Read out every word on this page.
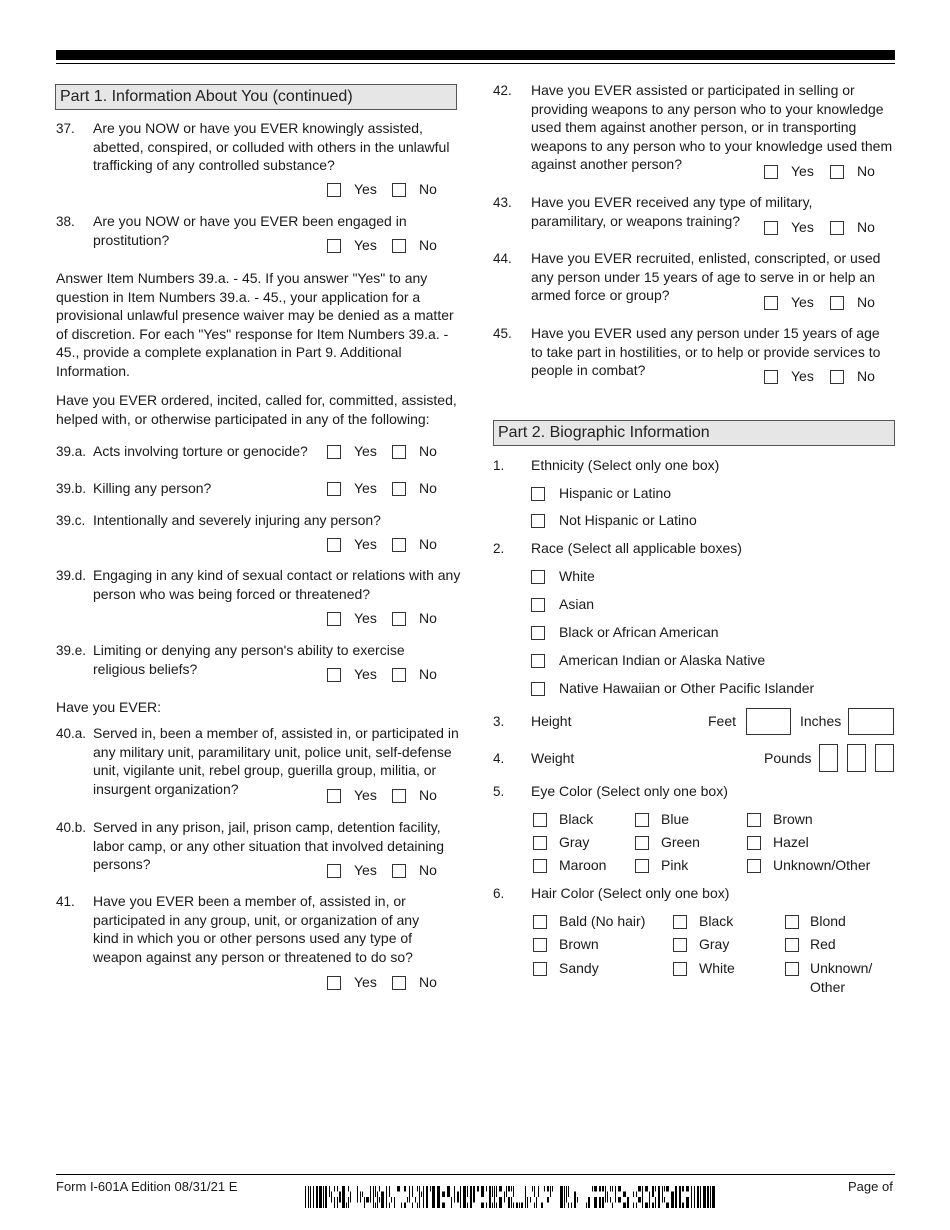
Part 1. Information About You (continued)
37. Are you NOW or have you EVER knowingly assisted, abetted, conspired, or colluded with others in the unlawful trafficking of any controlled substance?
Yes	No
38. Are you NOW or have you EVER been engaged in prostitution?	Yes	No
Answer Item Numbers 39.a. - 45. If you answer "Yes" to any question in Item Numbers 39.a. - 45., your application for a provisional unlawful presence waiver may be denied as a matter of discretion. For each "Yes" response for Item Numbers 39.a. - 45., provide a complete explanation in Part 9. Additional Information.
Have you EVER ordered, incited, called for, committed, assisted, helped with, or otherwise participated in any of the following:
39.a. Acts involving torture or genocide?	Yes	No
39.b. Killing any person?	Yes	No
39.c. Intentionally and severely injuring any person?
Yes	No
39.d. Engaging in any kind of sexual contact or relations with any person who was being forced or threatened?
Yes	No
39.e. Limiting or denying any person's ability to exercise religious beliefs?	Yes	No
Have you EVER:
40.a. Served in, been a member of, assisted in, or participated in any military unit, paramilitary unit, police unit, self-defense unit, vigilante unit, rebel group, guerilla group, militia, or insurgent organization?	Yes	No
40.b. Served in any prison, jail, prison camp, detention facility, labor camp, or any other situation that involved detaining persons?	Yes	No
41. Have you EVER been a member of, assisted in, or participated in any group, unit, or organization of any kind in which you or other persons used any type of weapon against any person or threatened to do so?
Yes	No
42. Have you EVER assisted or participated in selling or providing weapons to any person who to your knowledge used them against another person, or in transporting weapons to any person who to your knowledge used them against another person?	Yes	No
43. Have you EVER received any type of military, paramilitary, or weapons training?	Yes	No
44. Have you EVER recruited, enlisted, conscripted, or used any person under 15 years of age to serve in or help an armed force or group?	Yes	No
45. Have you EVER used any person under 15 years of age to take part in hostilities, or to help or provide services to people in combat?	Yes	No
Part 2. Biographic Information
1. Ethnicity (Select only one box)
Hispanic or Latino
Not Hispanic or Latino
2. Race (Select all applicable boxes)
White
Asian
Black or African American
American Indian or Alaska Native
Native Hawaiian or Other Pacific Islander
3. Height	Feet	Inches
4. Weight	Pounds
5. Eye Color (Select only one box)
Black	Blue	Brown
Gray	Green	Hazel
Maroon	Pink	Unknown/Other
6. Hair Color (Select only one box)
Bald (No hair)	Black	Blond
Brown	Gray	Red
Sandy	White	Unknown/ Other
Form I-601A Edition 08/31/21 E	Page of
